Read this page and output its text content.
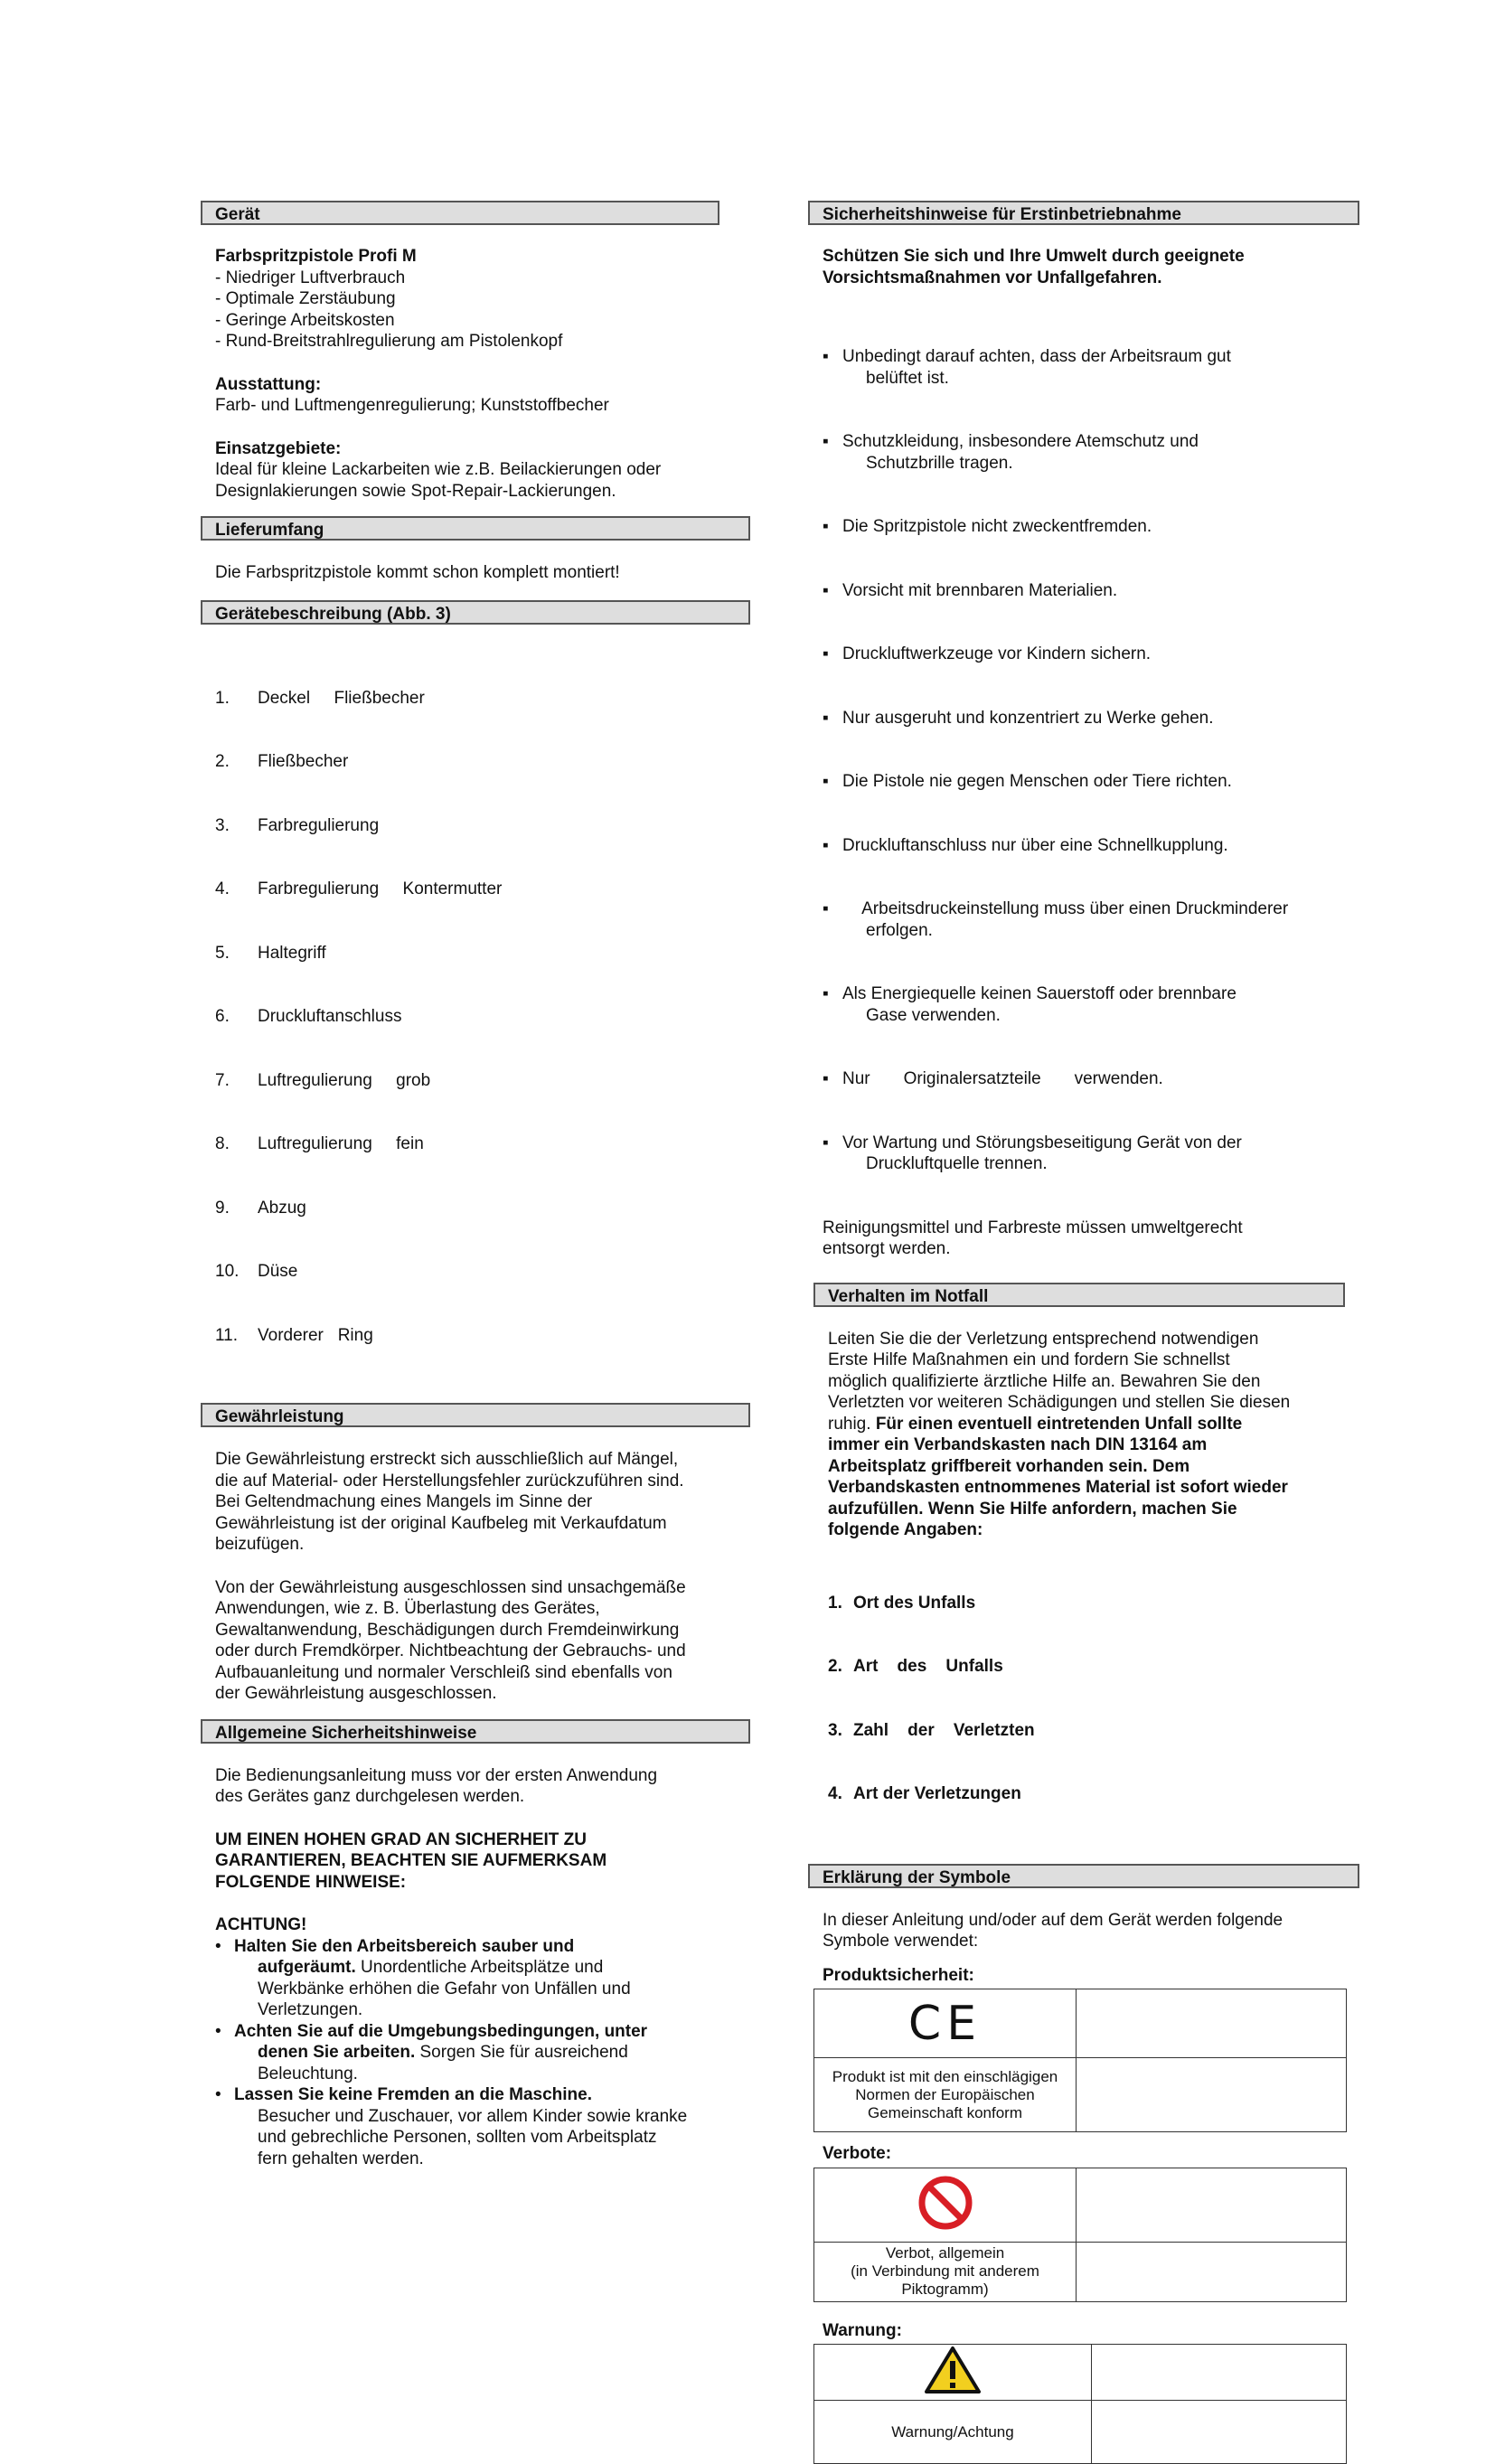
Gerät

Farbspritzpistole Profi M

- Niedriger Luftverbrauch

- Optimale Zerstäubung

- Geringe Arbeitskosten

- Rund-Breitstrahlregulierung am Pistolenkopf

Ausstattung:

Farb- und Luftmengenregulierung; Kunststoffbecher

Einsatzgebiete:

Ideal für kleine Lackarbeiten wie z.B. Beilackierungen oder

Designlakierungen sowie Spot-Repair-Lackierungen.

Lieferumfang

Die Farbspritzpistole kommt schon komplett montiert!

Gerätebeschreibung (Abb. 3)

1.	Deckel     Fließbecher

2.	Fließbecher

3.	Farbregulierung

4.	Farbregulierung     Kontermutter

5.	Haltegriff

6.	Druckluftanschluss

7.	Luftregulierung     grob

8.	Luftregulierung     fein

9.	Abzug

10.	Düse

11.	Vorderer   Ring

Gewährleistung

Die Gewährleistung erstreckt sich ausschließlich auf Mängel,

die auf Material- oder Herstellungsfehler zurückzuführen sind.

Bei Geltendmachung eines Mangels im Sinne der

Gewährleistung ist der original Kaufbeleg mit Verkaufdatum

beizufügen.

Von der Gewährleistung ausgeschlossen sind unsachgemäße

Anwendungen, wie z. B. Überlastung des Gerätes,

Gewaltanwendung, Beschädigungen durch Fremdeinwirkung

oder durch Fremdkörper. Nichtbeachtung der Gebrauchs- und

Aufbauanleitung und normaler Verschleiß sind ebenfalls von

der Gewährleistung ausgeschlossen.

Allgemeine Sicherheitshinweise

Die Bedienungsanleitung muss vor der ersten Anwendung

des Gerätes ganz durchgelesen werden.

UM EINEN HOHEN GRAD AN SICHERHEIT ZU

GARANTIEREN, BEACHTEN SIE AUFMERKSAM

FOLGENDE HINWEISE:

ACHTUNG!

• Halten Sie den Arbeitsbereich sauber und
aufgeräumt. Unordentliche Arbeitsplätze und
Werkbänke erhöhen die Gefahr von Unfällen und
Verletzungen.
• Achten Sie auf die Umgebungsbedingungen, unter
denen Sie arbeiten. Sorgen Sie für ausreichend
Beleuchtung.
• Lassen Sie keine Fremden an die Maschine.
Besucher und Zuschauer, vor allem Kinder sowie kranke
und gebrechliche Personen, sollten vom Arbeitsplatz
fern gehalten werden.
Sicherheitshinweise für Erstinbetriebnahme

Schützen Sie sich und Ihre Umwelt durch geeignete

Vorsichtsmaßnahmen vor Unfallgefahren.

▪ Unbedingt darauf achten, dass der Arbeitsraum gut
belüftet ist.

▪ Schutzkleidung, insbesondere Atemschutz und
Schutzbrille tragen.

▪ Die Spritzpistole nicht zweckentfremden.

▪ Vorsicht mit brennbaren Materialien.

▪ Druckluftwerkzeuge vor Kindern sichern.

▪ Nur ausgeruht und konzentriert zu Werke gehen.

▪ Die Pistole nie gegen Menschen oder Tiere richten.

▪ Druckluftanschluss nur über eine Schnellkupplung.

▪ Arbeitsdruckeinstellung muss über einen Druckminderer
erfolgen.

▪ Als Energiequelle keinen Sauerstoff oder brennbare
Gase verwenden.

▪ Nur       Originalersatzteile       verwenden.

▪ Vor Wartung und Störungsbeseitigung Gerät von der
Druckluftquelle trennen.

Reinigungsmittel und Farbreste müssen umweltgerecht

entsorgt werden.

Verhalten im Notfall

Leiten Sie die der Verletzung entsprechend notwendigen

Erste Hilfe Maßnahmen ein und fordern Sie schnellst

möglich qualifizierte ärztliche Hilfe an. Bewahren Sie den

Verletzten vor weiteren Schädigungen und stellen Sie diesen

ruhig. Für einen eventuell eintretenden Unfall sollte

immer ein Verbandskasten nach DIN 13164 am

Arbeitsplatz griffbereit vorhanden sein. Dem

Verbandskasten entnommenes Material ist sofort wieder

aufzufüllen. Wenn Sie Hilfe anfordern, machen Sie

folgende Angaben:

1. Ort des Unfalls

2. Art    des    Unfalls

3. Zahl    der    Verletzten

4. Art der Verletzungen

Erklärung der Symbole

In dieser Anleitung und/oder auf dem Gerät werden folgende

Symbole verwendet:

Produktsicherheit:

CE	

Produkt ist mit den einschlägigen
Normen der Europäischen
Gemeinschaft konform	

Verbote:

Verbot, allgemein
(in Verbindung mit anderem
Piktogramm)	

Warnung:

Warnung/Achtung	
